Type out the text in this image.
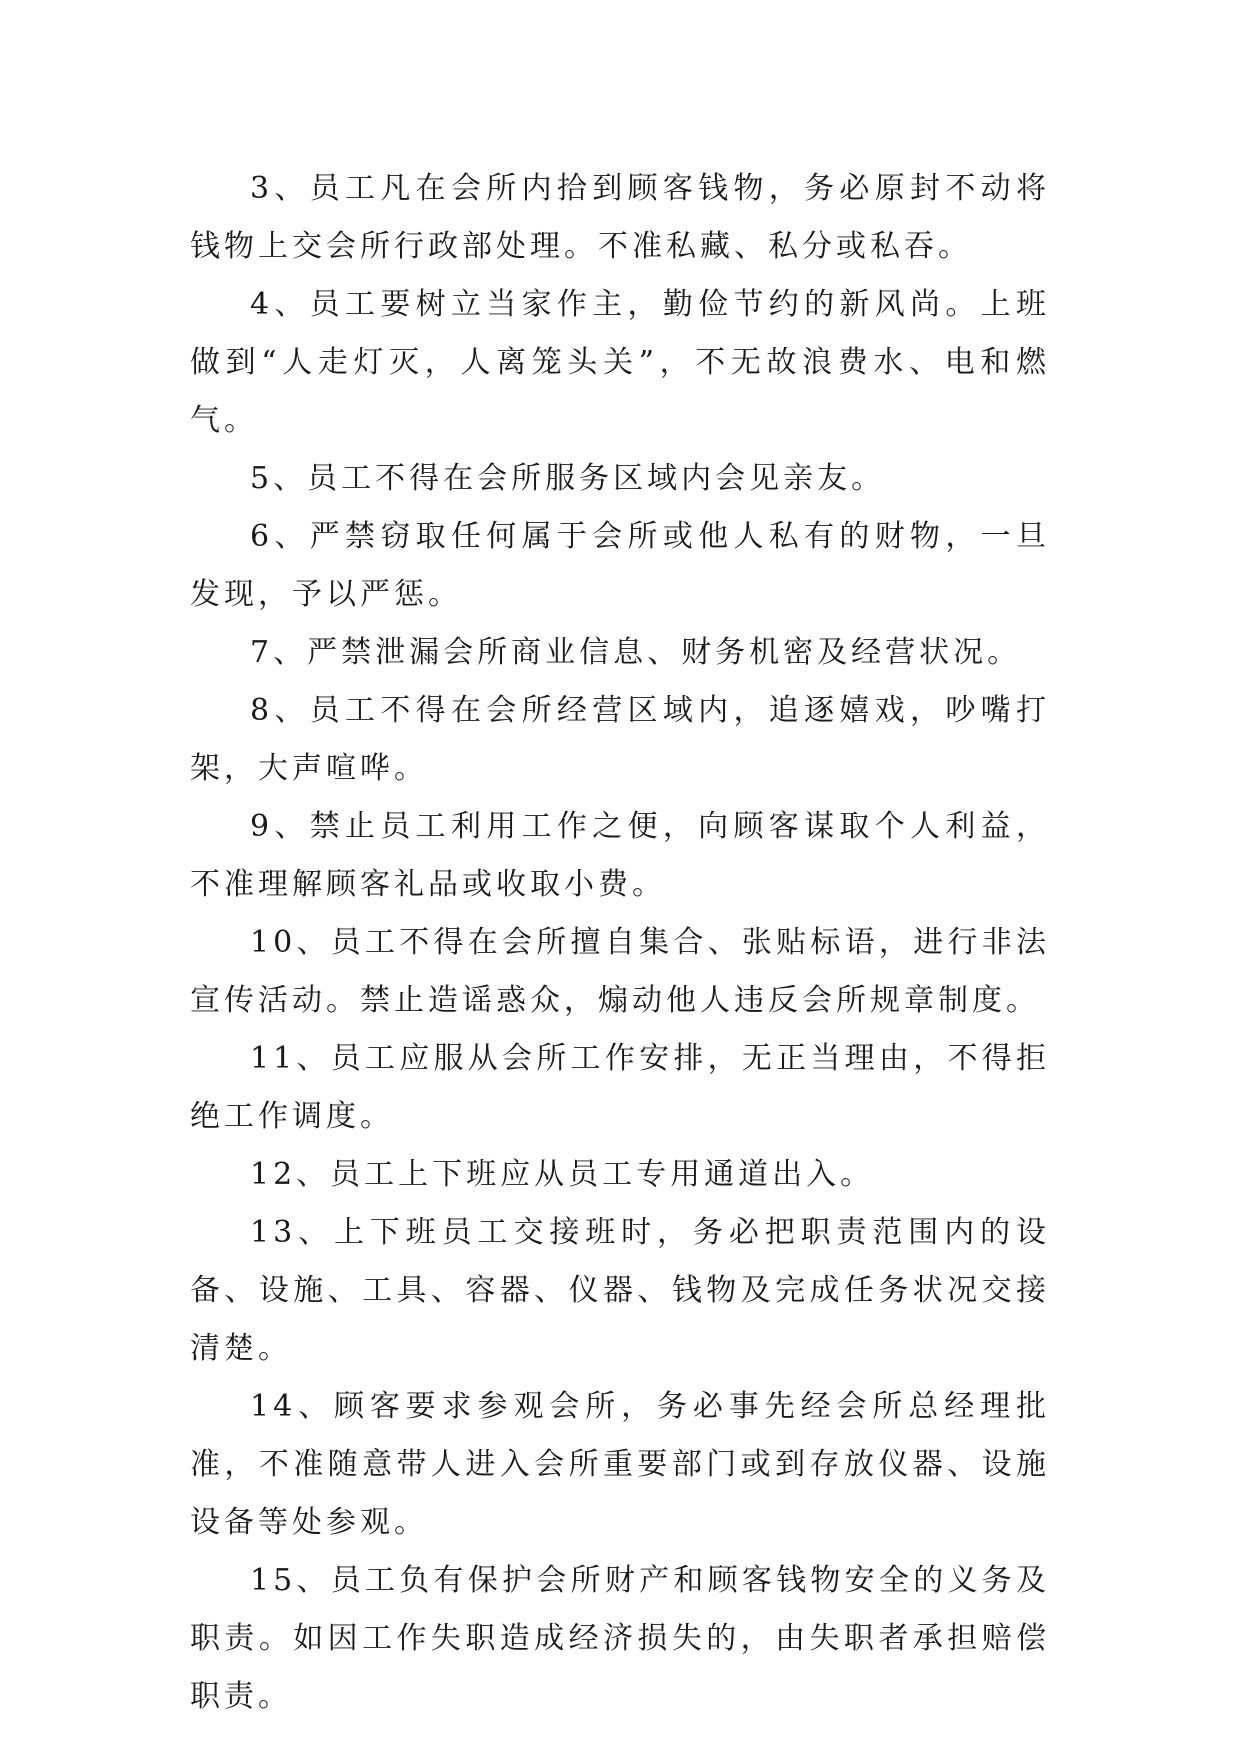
3、员工凡在会所内拾到顾客钱物，务必原封不动将钱物上交会所行政部处理。不准私藏、私分或私吞。

4、员工要树立当家作主，勤俭节约的新风尚。上班做到“人走灯灭，人离笼头关”，不无故浪费水、电和燃气。

5、员工不得在会所服务区域内会见亲友。

6、严禁窃取任何属于会所或他人私有的财物，一旦发现，予以严惩。

7、严禁泄漏会所商业信息、财务机密及经营状况。

8、员工不得在会所经营区域内，追逐嬉戏，吵嘴打架，大声喧哗。

9、禁止员工利用工作之便，向顾客谋取个人利益，不准理解顾客礼品或收取小费。

10、员工不得在会所擅自集合、张贴标语，进行非法宣传活动。禁止造谣惑众，煽动他人违反会所规章制度。

11、员工应服从会所工作安排，无正当理由，不得拒绝工作调度。

12、员工上下班应从员工专用通道出入。

13、上下班员工交接班时，务必把职责范围内的设备、设施、工具、容器、仪器、钱物及完成任务状况交接清楚。

14、顾客要求参观会所，务必事先经会所总经理批准，不准随意带人进入会所重要部门或到存放仪器、设施设备等处参观。

15、员工负有保护会所财产和顾客钱物安全的义务及职责。如因工作失职造成经济损失的，由失职者承担赔偿职责。
